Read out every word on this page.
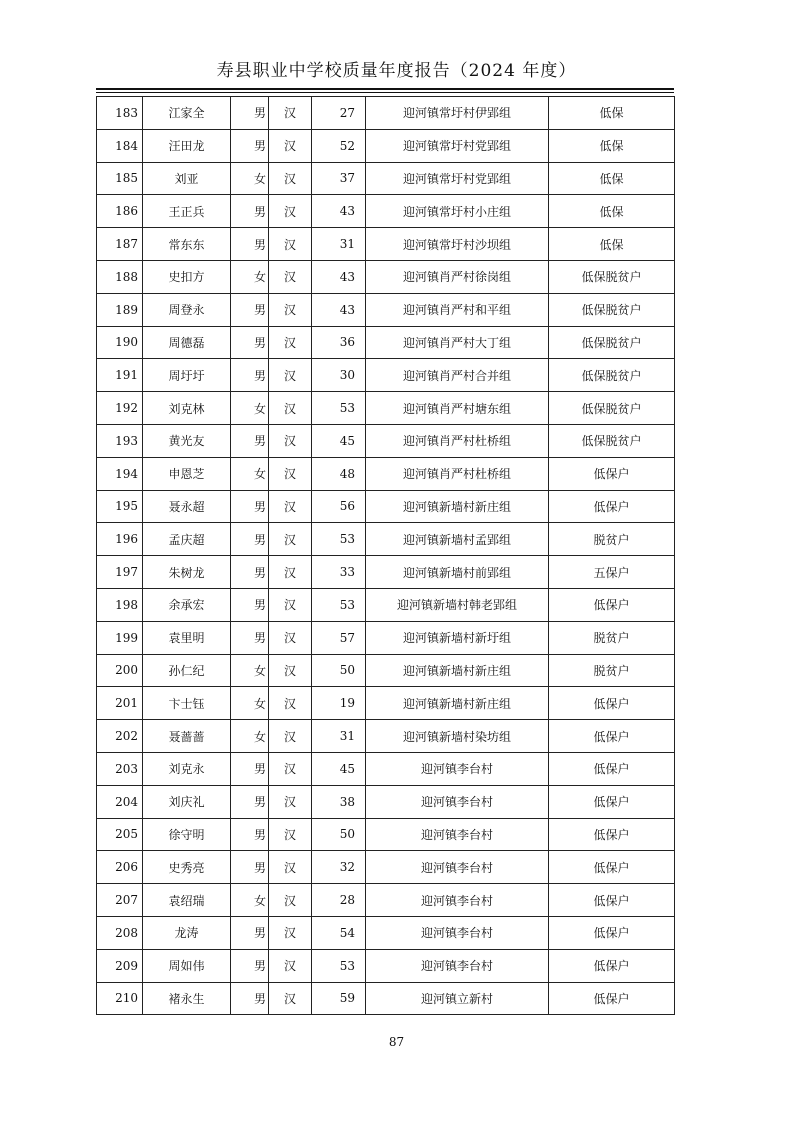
寿县职业中学校质量年度报告（2024 年度）
183	江家全	男	汉	27	迎河镇常圩村伊郢组	低保
184	汪田龙	男	汉	52	迎河镇常圩村党郢组	低保
185	刘亚	女	汉	37	迎河镇常圩村党郢组	低保
186	王正兵	男	汉	43	迎河镇常圩村小庄组	低保
187	常东东	男	汉	31	迎河镇常圩村沙坝组	低保
188	史扣方	女	汉	43	迎河镇肖严村徐岗组	低保脱贫户
189	周登永	男	汉	43	迎河镇肖严村和平组	低保脱贫户
190	周德磊	男	汉	36	迎河镇肖严村大丁组	低保脱贫户
191	周圩圩	男	汉	30	迎河镇肖严村合并组	低保脱贫户
192	刘克林	女	汉	53	迎河镇肖严村塘东组	低保脱贫户
193	黄光友	男	汉	45	迎河镇肖严村杜桥组	低保脱贫户
194	申恩芝	女	汉	48	迎河镇肖严村杜桥组	低保户
195	聂永超	男	汉	56	迎河镇新墙村新庄组	低保户
196	孟庆超	男	汉	53	迎河镇新墙村孟郢组	脱贫户
197	朱树龙	男	汉	33	迎河镇新墙村前郢组	五保户
198	余承宏	男	汉	53	迎河镇新墙村韩老郢组	低保户
199	袁里明	男	汉	57	迎河镇新墙村新圩组	脱贫户
200	孙仁纪	女	汉	50	迎河镇新墙村新庄组	脱贫户
201	卞士钰	女	汉	19	迎河镇新墙村新庄组	低保户
202	聂蔷蔷	女	汉	31	迎河镇新墙村染坊组	低保户
203	刘克永	男	汉	45	迎河镇李台村	低保户
204	刘庆礼	男	汉	38	迎河镇李台村	低保户
205	徐守明	男	汉	50	迎河镇李台村	低保户
206	史秀亮	男	汉	32	迎河镇李台村	低保户
207	袁绍瑞	女	汉	28	迎河镇李台村	低保户
208	龙涛	男	汉	54	迎河镇李台村	低保户
209	周如伟	男	汉	53	迎河镇李台村	低保户
210	褚永生	男	汉	59	迎河镇立新村	低保户
87
